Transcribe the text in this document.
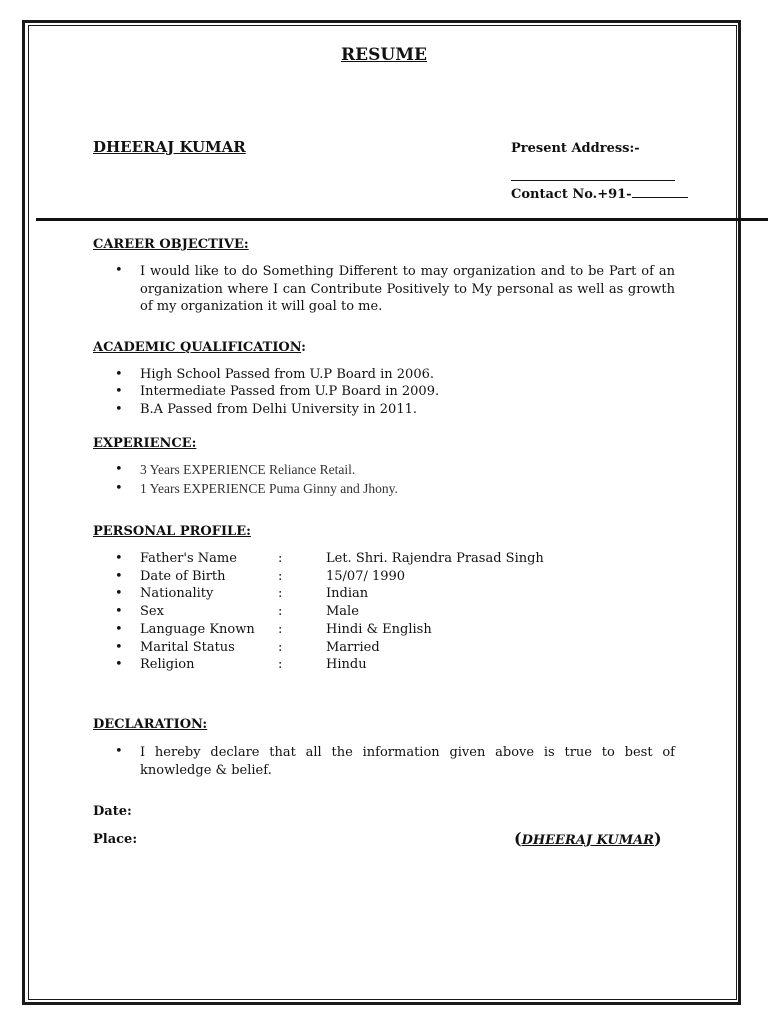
RESUME
DHEERAJ KUMAR	Present Address:-
Contact No.+91-
CAREER OBJECTIVE:
• I would like to do Something Different to may organization and to be Part of an organization where I can Contribute Positively to My personal as well as growth of my organization it will goal to me.
ACADEMIC QUALIFICATION:
• High School Passed from U.P Board in 2006.
• Intermediate Passed from U.P Board in 2009.
• B.A Passed from Delhi University in 2011.
EXPERIENCE:
• 3 Years EXPERIENCE Reliance Retail.
• 1 Years EXPERIENCE Puma Ginny and Jhony.
PERSONAL PROFILE:
• Father's Name	:	Let. Shri. Rajendra Prasad Singh
• Date of Birth	:	15/07/ 1990
• Nationality	:	Indian
• Sex	:	Male
• Language Known :	Hindi & English
• Marital Status	:	Married
• Religion	:	Hindu
DECLARATION:
• I hereby declare that all the information given above is true to best of knowledge & belief.
Date:
Place:	(DHEERAJ KUMAR)
